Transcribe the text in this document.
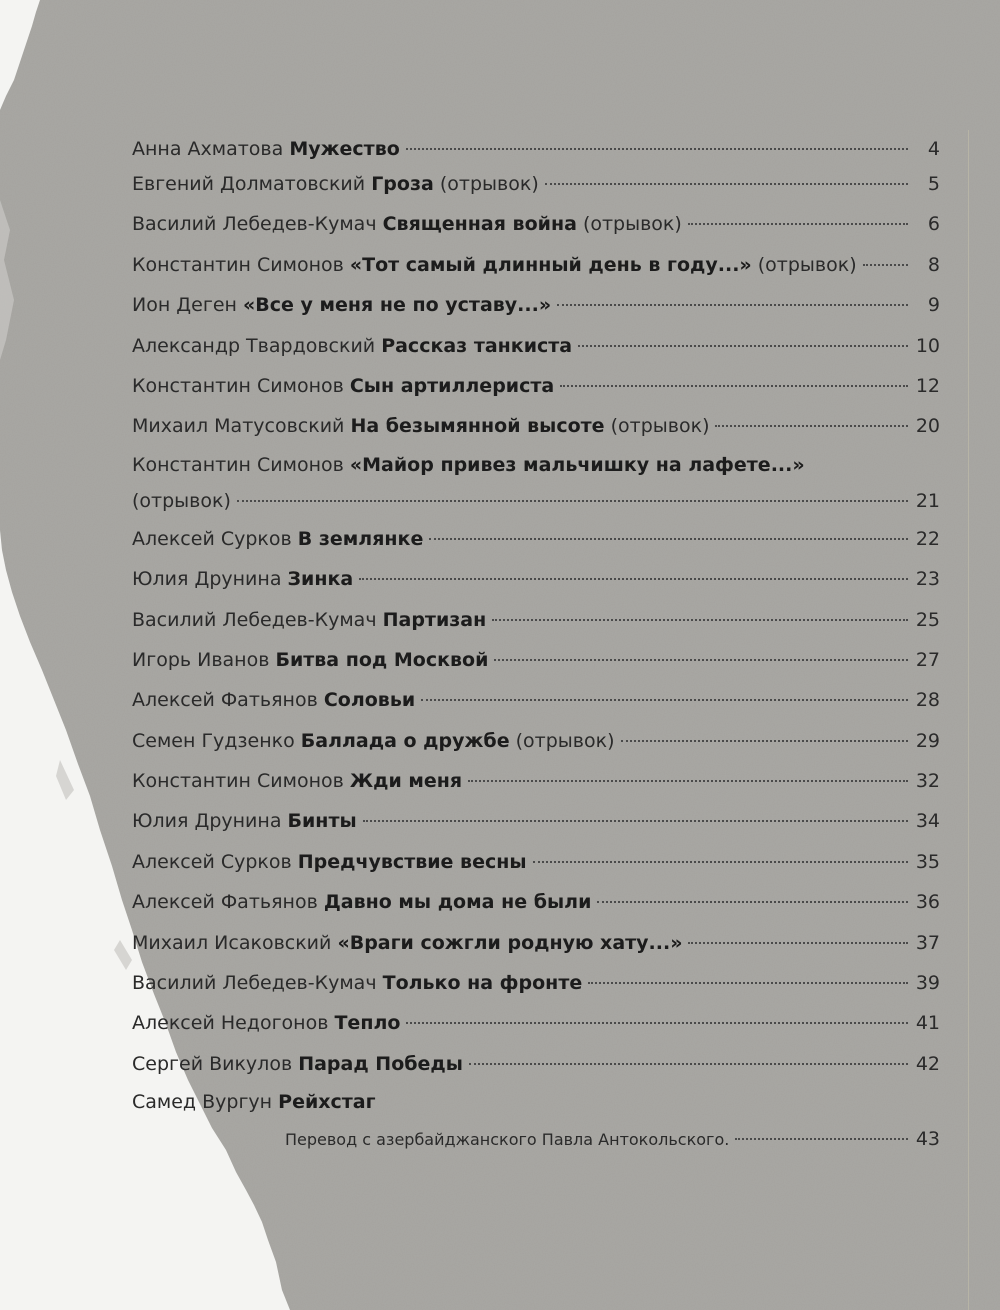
Анна Ахматова Мужество	4
Евгений Долматовский Гроза (отрывок)	5
Василий Лебедев-Кумач Священная война (отрывок)	6
Константин Симонов «Тот самый длинный день в году...» (отрывок)	8
Ион Деген «Все у меня не по уставу...»	9
Александр Твардовский Рассказ танкиста	10
Константин Симонов Сын артиллериста	12
Михаил Матусовский На безымянной высоте (отрывок)	20
Константин Симонов «Майор привез мальчишку на лафете...»
(отрывок)	21
Алексей Сурков В землянке	22
Юлия Друнина Зинка	23
Василий Лебедев-Кумач Партизан	25
Игорь Иванов Битва под Москвой	27
Алексей Фатьянов Соловьи	28
Семен Гудзенко Баллада о дружбе (отрывок)	29
Константин Симонов Жди меня	32
Юлия Друнина Бинты	34
Алексей Сурков Предчувствие весны	35
Алексей Фатьянов Давно мы дома не были	36
Михаил Исаковский «Враги сожгли родную хату...»	37
Василий Лебедев-Кумач Только на фронте	39
Алексей Недогонов Тепло	41
Сергей Викулов Парад Победы	42
Самед Вургун Рейхстаг
Перевод с азербайджанского Павла Антокольского.	43
